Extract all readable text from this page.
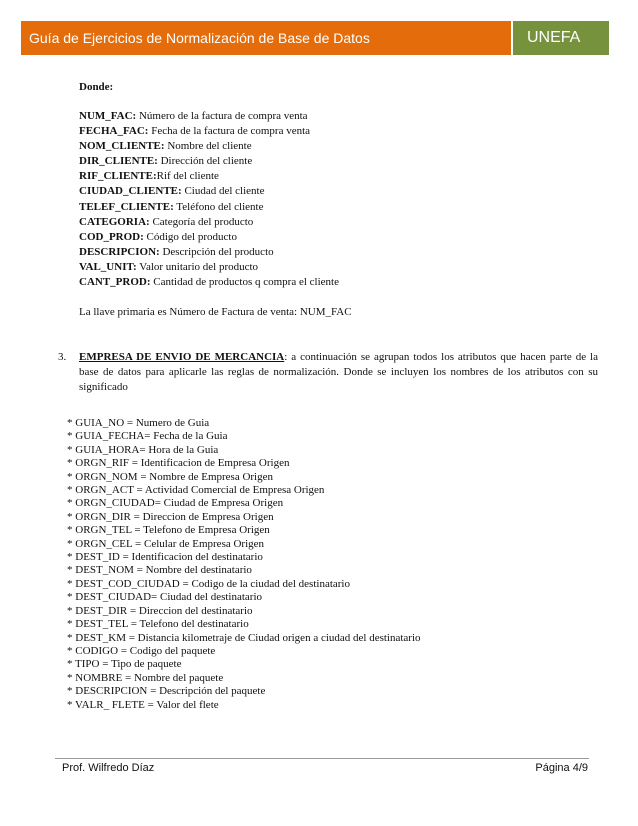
Guía de Ejercicios de Normalización de Base de Datos	UNEFA
Donde:
NUM_FAC: Número de la factura de compra venta
FECHA_FAC: Fecha de la factura de compra venta
NOM_CLIENTE: Nombre del cliente
DIR_CLIENTE: Dirección del cliente
RIF_CLIENTE:Rif del cliente
CIUDAD_CLIENTE: Ciudad del cliente
TELEF_CLIENTE: Teléfono del cliente
CATEGORIA: Categoría del producto
COD_PROD: Código del producto
DESCRIPCION: Descripción del producto
VAL_UNIT: Valor unitario del producto
CANT_PROD: Cantidad de productos q compra el cliente
La llave primaria es Número de Factura de venta: NUM_FAC
3. EMPRESA DE ENVIO DE MERCANCIA: a continuación se agrupan todos los atributos que hacen parte de la base de datos para aplicarle las reglas de normalización. Donde se incluyen los nombres de los atributos con su significado
* GUIA_NO = Numero de Guia
* GUIA_FECHA= Fecha de la Guia
* GUIA_HORA= Hora de la Guia
* ORGN_RIF = Identificacion de Empresa Origen
* ORGN_NOM = Nombre de Empresa Origen
* ORGN_ACT = Actividad Comercial de Empresa Origen
* ORGN_CIUDAD= Ciudad de Empresa Origen
* ORGN_DIR = Direccion de Empresa Origen
* ORGN_TEL = Telefono de Empresa Origen
* ORGN_CEL = Celular de Empresa Origen
* DEST_ID = Identificacion del destinatario
* DEST_NOM = Nombre del destinatario
* DEST_COD_CIUDAD = Codigo de la ciudad del destinatario
* DEST_CIUDAD= Ciudad del destinatario
* DEST_DIR = Direccion del destinatario
* DEST_TEL = Telefono del destinatario
* DEST_KM = Distancia kilometraje de Ciudad origen a ciudad del destinatario
* CODIGO = Codigo del paquete
* TIPO = Tipo de paquete
* NOMBRE = Nombre del paquete
* DESCRIPCION = Descripción del paquete
* VALR_ FLETE = Valor del flete
Prof. Wilfredo Díaz	Página 4/9
